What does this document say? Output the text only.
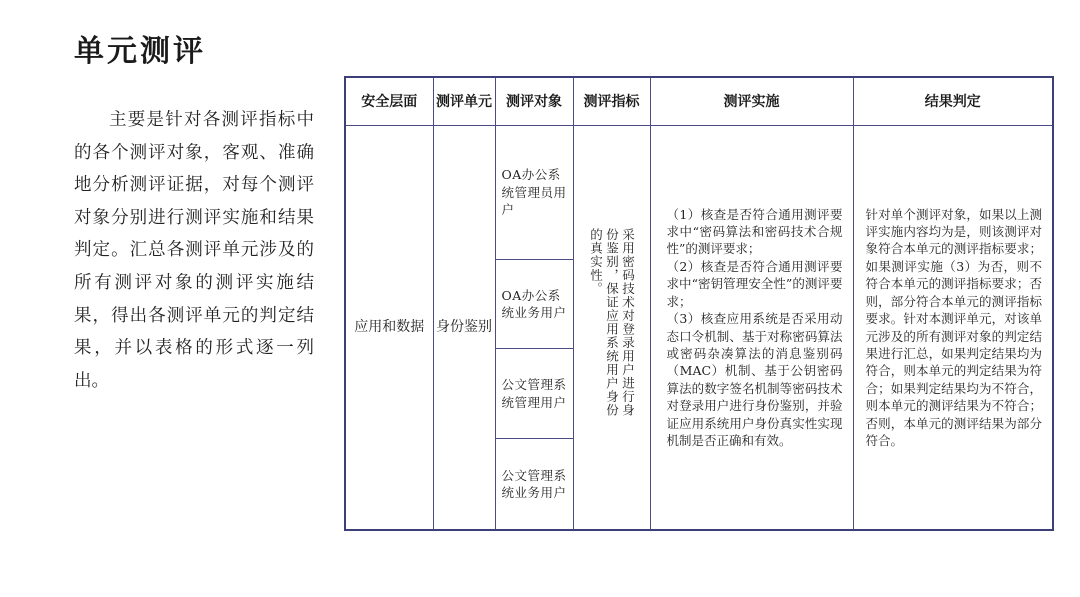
单元测评

主要是针对各测评指标中的各个测评对象，客观、准确地分析测评证据，对每个测评对象分别进行测评实施和结果判定。汇总各测评单元涉及的所有测评对象的测评实施结果，得出各测评单元的判定结果，并以表格的形式逐一列出。

安全层面	测评单元	测评对象	测评指标	测评实施	结果判定
应用和数据	身份鉴别	OA办公系统管理员用户	采用密码技术对登录用户进行身份鉴别，保证应用系统用户身份的真实性。	（1）核查是否符合通用测评要求中“密码算法和密码技术合规性”的测评要求；

（2）核查是否符合通用测评要求中“密钥管理安全性”的测评要求；

（3）核查应用系统是否采用动态口令机制、基于对称密码算法或密码杂凑算法的消息鉴别码（MAC）机制、基于公钥密码算法的数字签名机制等密码技术对登录用户进行身份鉴别，并验证应用系统用户身份真实性实现机制是否正确和有效。	针对单个测评对象，如果以上测评实施内容均为是，则该测评对象符合本单元的测评指标要求；如果测评实施（3）为否，则不符合本单元的测评指标要求；否则，部分符合本单元的测评指标要求。针对本测评单元，对该单元涉及的所有测评对象的判定结果进行汇总，如果判定结果均为符合，则本单元的判定结果为符合；如果判定结果均为不符合，则本单元的测评结果为不符合；否则，本单元的测评结果为部分符合。
		OA办公系统业务用户			
		公文管理系统管理用户			
		公文管理系统业务用户			
